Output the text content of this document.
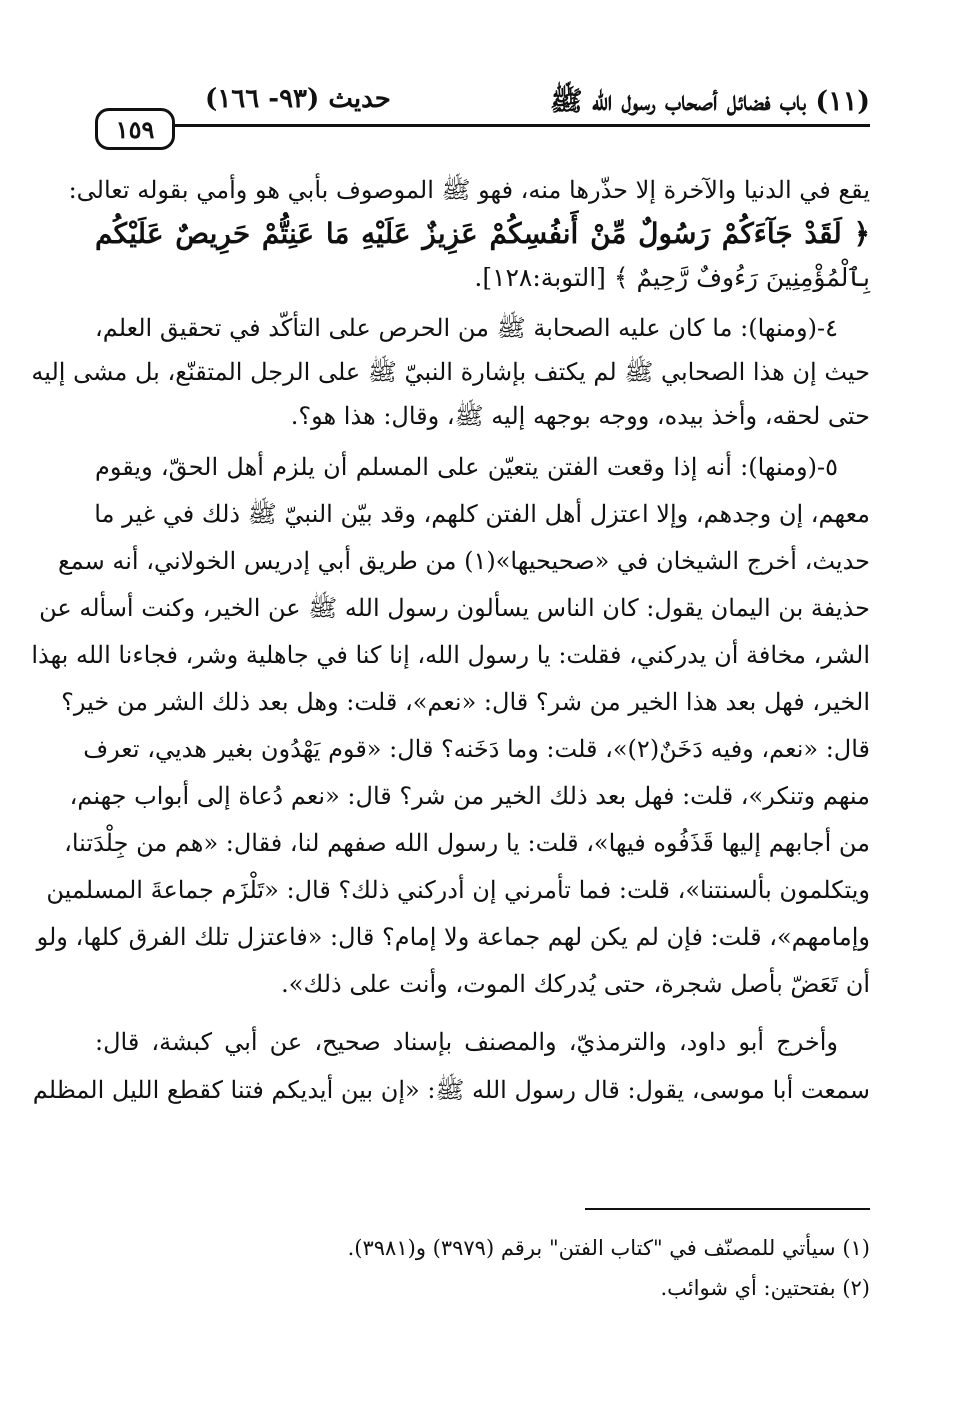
(١١) باب فضائل أصحاب رسول الله ﷺ
حديث (٩٣- ١٦٦)
١٥٩

يقع في الدنيا والآخرة إلا حذّرها منه، فهو ﷺ الموصوف بأبي هو وأمي بقوله تعالى:
﴿ لَقَدْ جَآءَكُمْ رَسُولٌ مِّنْ أَنفُسِكُمْ عَزِيزٌ عَلَيْهِ مَا عَنِتُّمْ حَرِيصٌ عَلَيْكُم
بِٱلْمُؤْمِنِينَ رَءُوفٌ رَّحِيمٌ ﴾ [التوبة:١٢٨].

٤-(ومنها): ما كان عليه الصحابة ﷺ من الحرص على التأكّد في تحقيق العلم،
حيث إن هذا الصحابي ﷺ لم يكتف بإشارة النبيّ ﷺ على الرجل المتقنّع، بل مشى إليه
حتى لحقه، وأخذ بيده، ووجه بوجهه إليه ﷺ، وقال: هذا هو؟.

٥-(ومنها): أنه إذا وقعت الفتن يتعيّن على المسلم أن يلزم أهل الحقّ، ويقوم
معهم، إن وجدهم، وإلا اعتزل أهل الفتن كلهم، وقد بيّن النبيّ ﷺ ذلك في غير ما
حديث، أخرج الشيخان في «صحيحيها»(١) من طريق أبي إدريس الخولاني، أنه سمع
حذيفة بن اليمان يقول: كان الناس يسألون رسول الله ﷺ عن الخير، وكنت أسأله عن
الشر، مخافة أن يدركني، فقلت: يا رسول الله، إنا كنا في جاهلية وشر، فجاءنا الله بهذا
الخير، فهل بعد هذا الخير من شر؟ قال: «نعم»، قلت: وهل بعد ذلك الشر من خير؟
قال: «نعم، وفيه دَخَنٌ(٢)»، قلت: وما دَخَنه؟ قال: «قوم يَهْدُون بغير هديي، تعرف
منهم وتنكر»، قلت: فهل بعد ذلك الخير من شر؟ قال: «نعم دُعاة إلى أبواب جهنم،
من أجابهم إليها قَذَفُوه فيها»، قلت: يا رسول الله صفهم لنا، فقال: «هم من جِلْدَتنا،
ويتكلمون بألسنتنا»، قلت: فما تأمرني إن أدركني ذلك؟ قال: «تَلْزَم جماعةَ المسلمين
وإمامهم»، قلت: فإن لم يكن لهم جماعة ولا إمام؟ قال: «فاعتزل تلك الفرق كلها، ولو
أن تَعَضّ بأصل شجرة، حتى يُدركك الموت، وأنت على ذلك».

وأخرج أبو داود، والترمذيّ، والمصنف بإسناد صحيح، عن أبي كبشة، قال:
سمعت أبا موسى، يقول: قال رسول الله ﷺ: «إن بين أيديكم فتنا كقطع الليل المظلم

(١) سيأتي للمصنّف في "كتاب الفتن" برقم (٣٩٧٩) و(٣٩٨١).
(٢) بفتحتين: أي شوائب.
